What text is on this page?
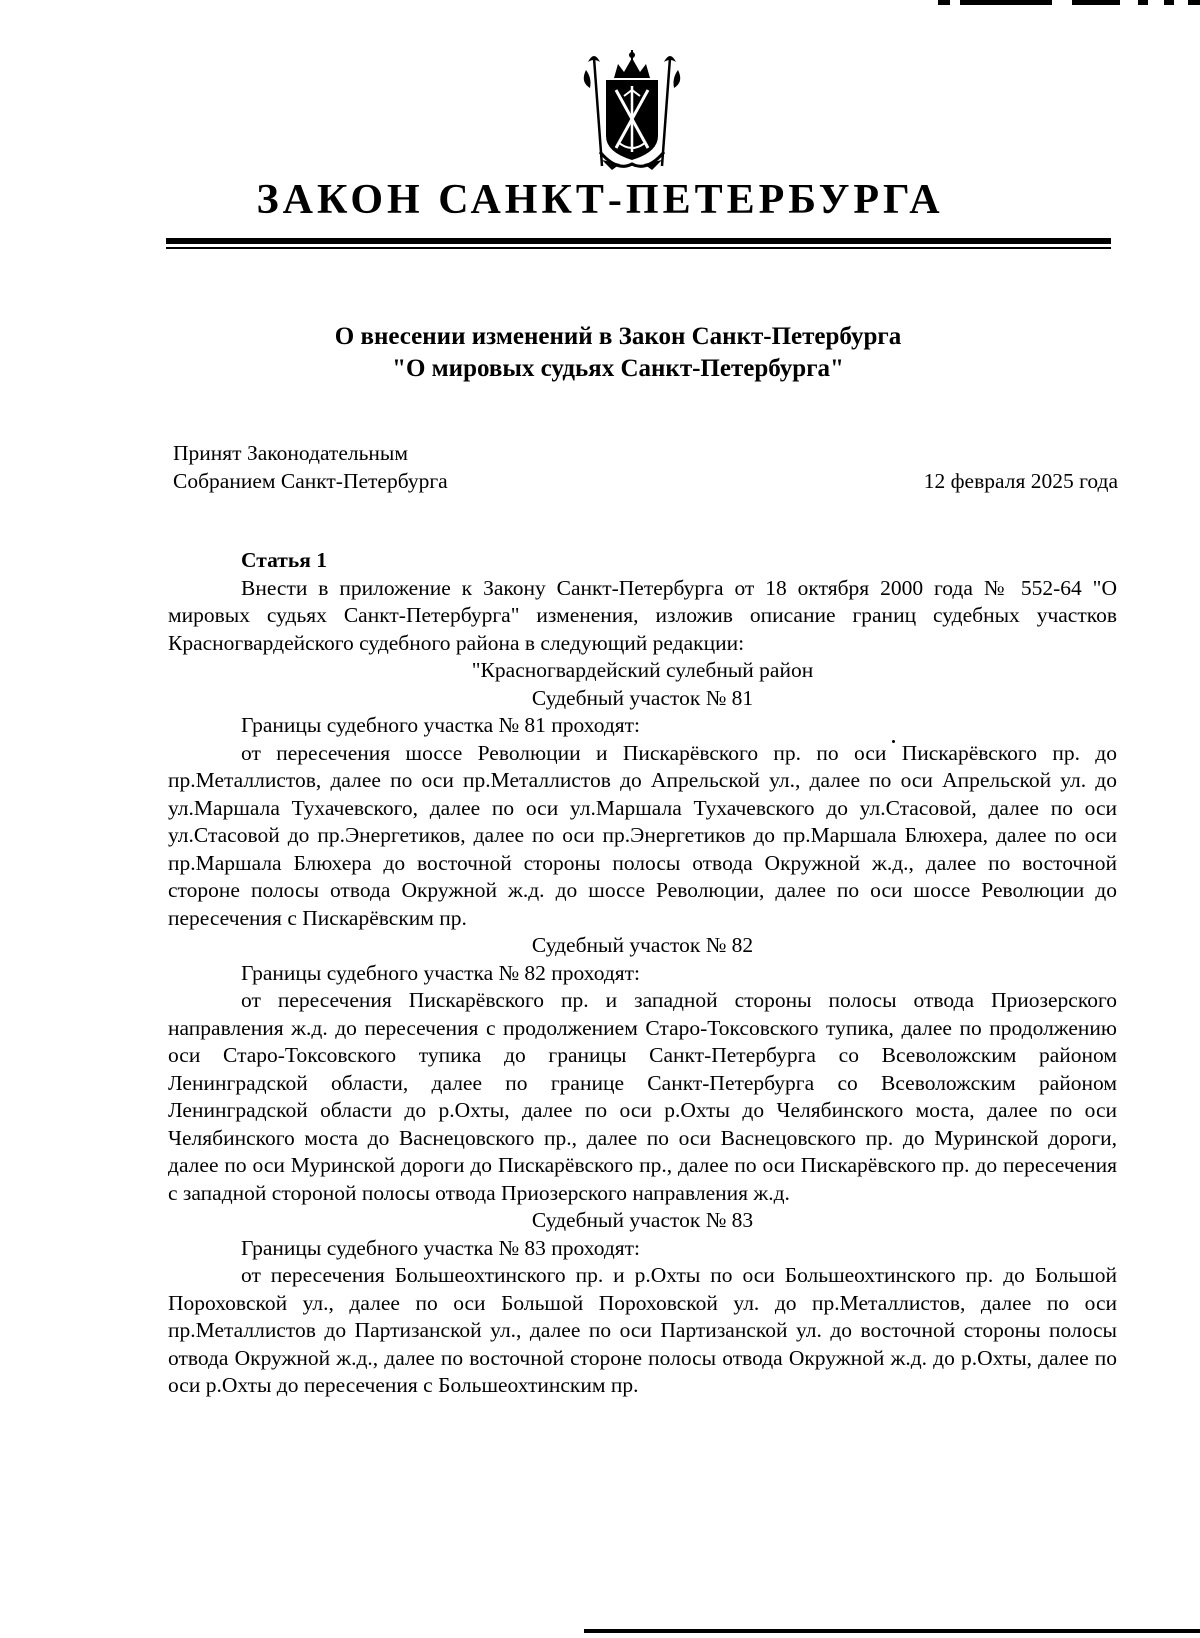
ЗАКОН САНКТ-ПЕТЕРБУРГА
О внесении изменений в Закон Санкт-Петербурга
"О мировых судьях Санкт-Петербурга"
Принят Законодательным
Собранием Санкт-Петербурга	12 февраля 2025 года

Статья 1

Внести в приложение к Закону Санкт-Петербурга от 18 октября 2000 года № 552-64 "О мировых судьях Санкт-Петербурга" изменения, изложив описание границ судебных участков Красногвардейского судебного района в следующий редакции:

"Красногвардейский сулебный район

Судебный участок № 81

Границы судебного участка № 81 проходят:

от пересечения шоссе Революции и Пискарёвского пр. по оси Пискарёвского пр. до пр.Металлистов, далее по оси пр.Металлистов до Апрельской ул., далее по оси Апрельской ул. до ул.Маршала Тухачевского, далее по оси ул.Маршала Тухачевского до ул.Стасовой, далее по оси ул.Стасовой до пр.Энергетиков, далее по оси пр.Энергетиков до пр.Маршала Блюхера, далее по оси пр.Маршала Блюхера до восточной стороны полосы отвода Окружной ж.д., далее по восточной стороне полосы отвода Окружной ж.д. до шоссе Революции, далее по оси шоссе Революции до пересечения с Пискарёвским пр.

Судебный участок № 82

Границы судебного участка № 82 проходят:

от пересечения Пискарёвского пр. и западной стороны полосы отвода Приозерского направления ж.д. до пересечения с продолжением Старо-Токсовского тупика, далее по продолжению оси Старо-Токсовского тупика до границы Санкт-Петербурга со Всеволожским районом Ленинградской области, далее по границе Санкт-Петербурга со Всеволожским районом Ленинградской области до р.Охты, далее по оси р.Охты до Челябинского моста, далее по оси Челябинского моста до Васнецовского пр., далее по оси Васнецовского пр. до Муринской дороги, далее по оси Муринской дороги до Пискарёвского пр., далее по оси Пискарёвского пр. до пересечения с западной стороной полосы отвода Приозерского направления ж.д.

Судебный участок № 83

Границы судебного участка № 83 проходят:

от пересечения Большеохтинского пр. и р.Охты по оси Большеохтинского пр. до Большой Пороховской ул., далее по оси Большой Пороховской ул. до пр.Металлистов, далее по оси пр.Металлистов до Партизанской ул., далее по оси Партизанской ул. до восточной стороны полосы отвода Окружной ж.д., далее по восточной стороне полосы отвода Окружной ж.д. до р.Охты, далее по оси р.Охты до пересечения с Большеохтинским пр.
